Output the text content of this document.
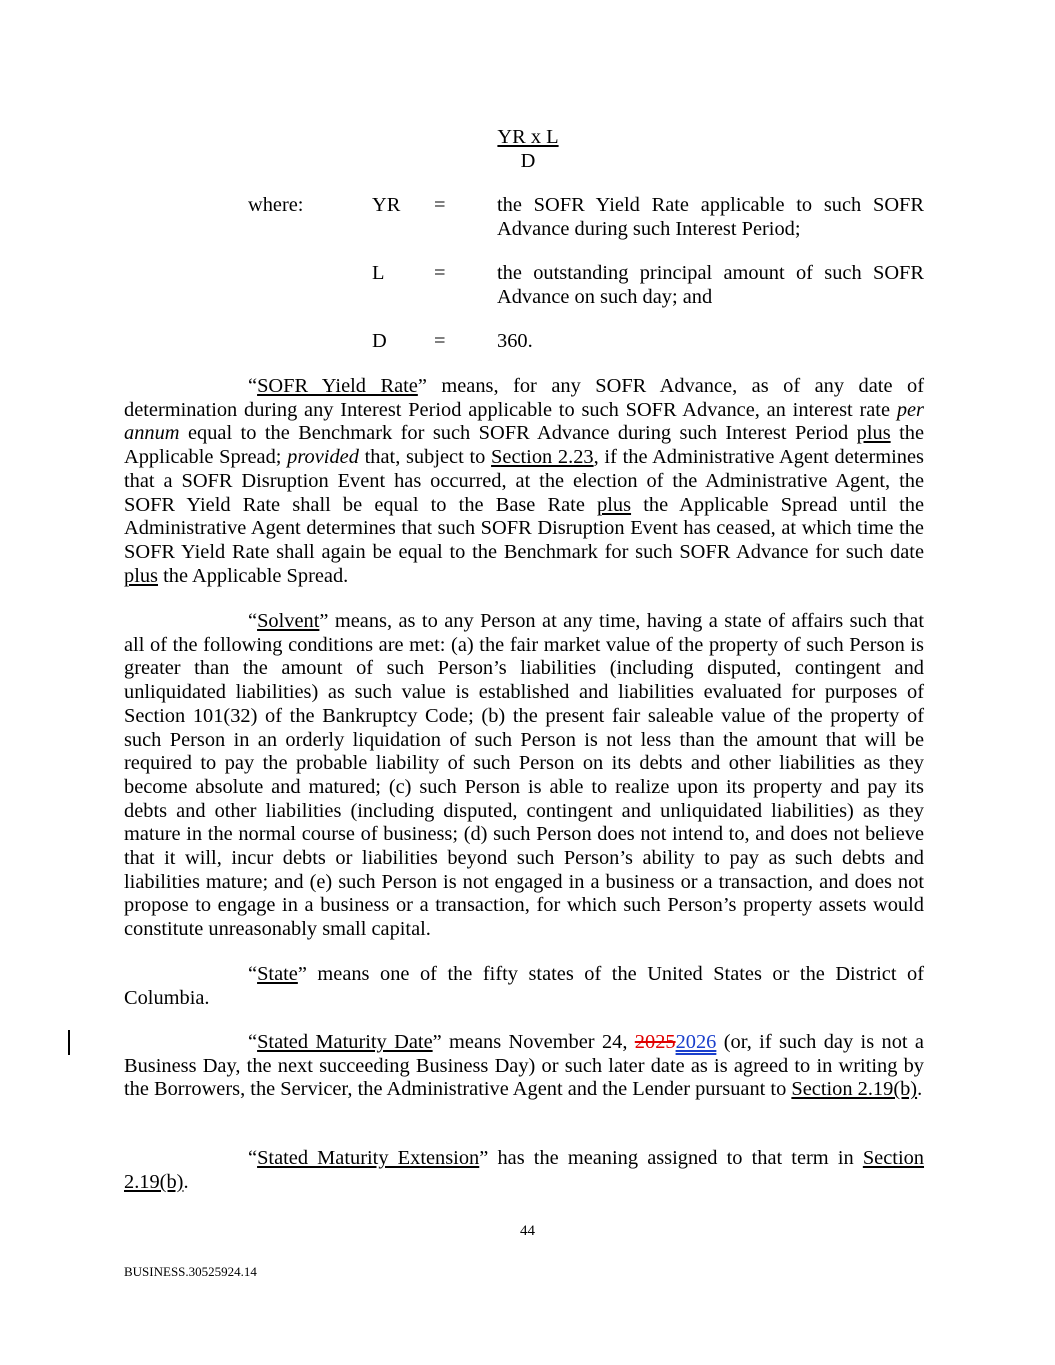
$\frac{\text{YR x L}}{D}$
where:	YR =	the SOFR Yield Rate applicable to such SOFR Advance during such Interest Period;
L =	the outstanding principal amount of such SOFR Advance on such day; and
D =	360.
“SOFR Yield Rate” means, for any SOFR Advance, as of any date of determination during any Interest Period applicable to such SOFR Advance, an interest rate per annum equal to the Benchmark for such SOFR Advance during such Interest Period plus the Applicable Spread; provided that, subject to Section 2.23, if the Administrative Agent determines that a SOFR Disruption Event has occurred, at the election of the Administrative Agent, the SOFR Yield Rate shall be equal to the Base Rate plus the Applicable Spread until the Administrative Agent determines that such SOFR Disruption Event has ceased, at which time the SOFR Yield Rate shall again be equal to the Benchmark for such SOFR Advance for such date plus the Applicable Spread.
“Solvent” means, as to any Person at any time, having a state of affairs such that all of the following conditions are met: (a) the fair market value of the property of such Person is greater than the amount of such Person’s liabilities (including disputed, contingent and unliquidated liabilities) as such value is established and liabilities evaluated for purposes of Section 101(32) of the Bankruptcy Code; (b) the present fair saleable value of the property of such Person in an orderly liquidation of such Person is not less than the amount that will be required to pay the probable liability of such Person on its debts and other liabilities as they become absolute and matured; (c) such Person is able to realize upon its property and pay its debts and other liabilities (including disputed, contingent and unliquidated liabilities) as they mature in the normal course of business; (d) such Person does not intend to, and does not believe that it will, incur debts or liabilities beyond such Person’s ability to pay as such debts and liabilities mature; and (e) such Person is not engaged in a business or a transaction, and does not propose to engage in a business or a transaction, for which such Person’s property assets would constitute unreasonably small capital.
“State” means one of the fifty states of the United States or the District of Columbia.
“Stated Maturity Date” means November 24, 20252026 (or, if such day is not a Business Day, the next succeeding Business Day) or such later date as is agreed to in writing by the Borrowers, the Servicer, the Administrative Agent and the Lender pursuant to Section 2.19(b).
“Stated Maturity Extension” has the meaning assigned to that term in Section 2.19(b).
44
BUSINESS.30525924.14
